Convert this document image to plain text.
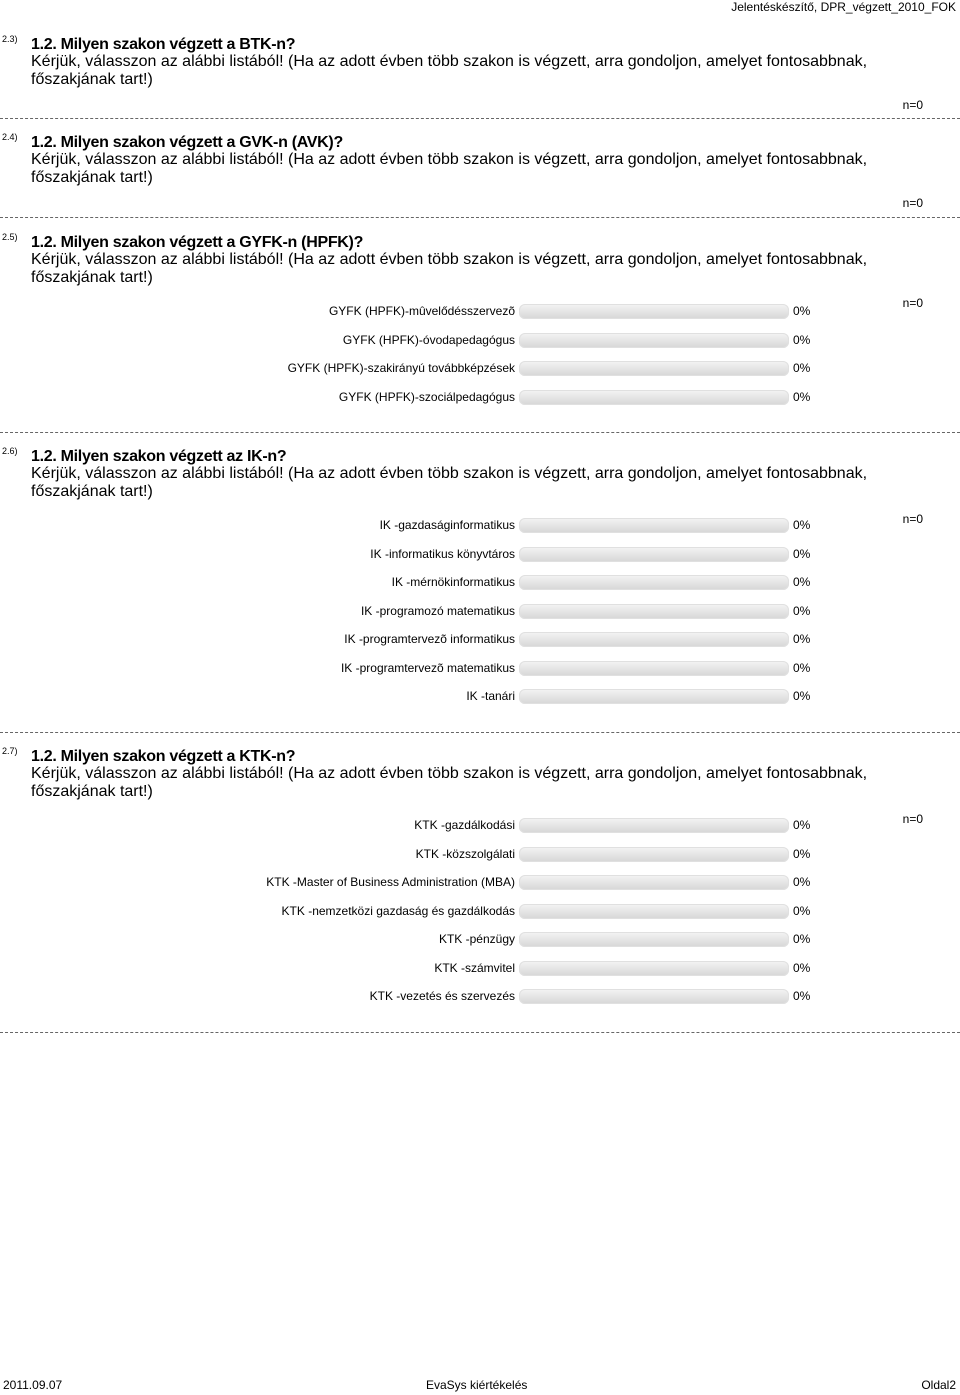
Jelentéskészítő, DPR_végzett_2010_FOK
2.3) 1.2. Milyen szakon végzett a BTK-n?
Kérjük, válasszon az alábbi listából! (Ha az adott évben több szakon is végzett, arra gondoljon, amelyet fontosabbnak, főszakjának tart!)
n=0
2.4) 1.2. Milyen szakon végzett a GVK-n (AVK)?
Kérjük, válasszon az alábbi listából! (Ha az adott évben több szakon is végzett, arra gondoljon, amelyet fontosabbnak, főszakjának tart!)
n=0
2.5) 1.2. Milyen szakon végzett a GYFK-n (HPFK)?
Kérjük, válasszon az alábbi listából! (Ha az adott évben több szakon is végzett, arra gondoljon, amelyet fontosabbnak, főszakjának tart!)
n=0
GYFK (HPFK)-mûvelődésszervezõ	0%
GYFK (HPFK)-óvodapedagógus	0%
GYFK (HPFK)-szakirányú továbbképzések	0%
GYFK (HPFK)-szociálpedagógus	0%
2.6) 1.2. Milyen szakon végzett az IK-n?
Kérjük, válasszon az alábbi listából! (Ha az adott évben több szakon is végzett, arra gondoljon, amelyet fontosabbnak, főszakjának tart!)
n=0
IK -gazdaságinformatikus	0%
IK -informatikus könyvtáros	0%
IK -mérnökinformatikus	0%
IK -programozó matematikus	0%
IK -programtervezõ informatikus	0%
IK -programtervezõ matematikus	0%
IK -tanári	0%
2.7) 1.2. Milyen szakon végzett a KTK-n?
Kérjük, válasszon az alábbi listából! (Ha az adott évben több szakon is végzett, arra gondoljon, amelyet fontosabbnak, főszakjának tart!)
n=0
KTK -gazdálkodási	0%
KTK -közszolgálati	0%
KTK -Master of Business Administration (MBA)	0%
KTK -nemzetközi gazdaság és gazdálkodás	0%
KTK -pénzügy	0%
KTK -számvitel	0%
KTK -vezetés és szervezés	0%
2011.09.07	EvaSys kiértékelés	Oldal2
